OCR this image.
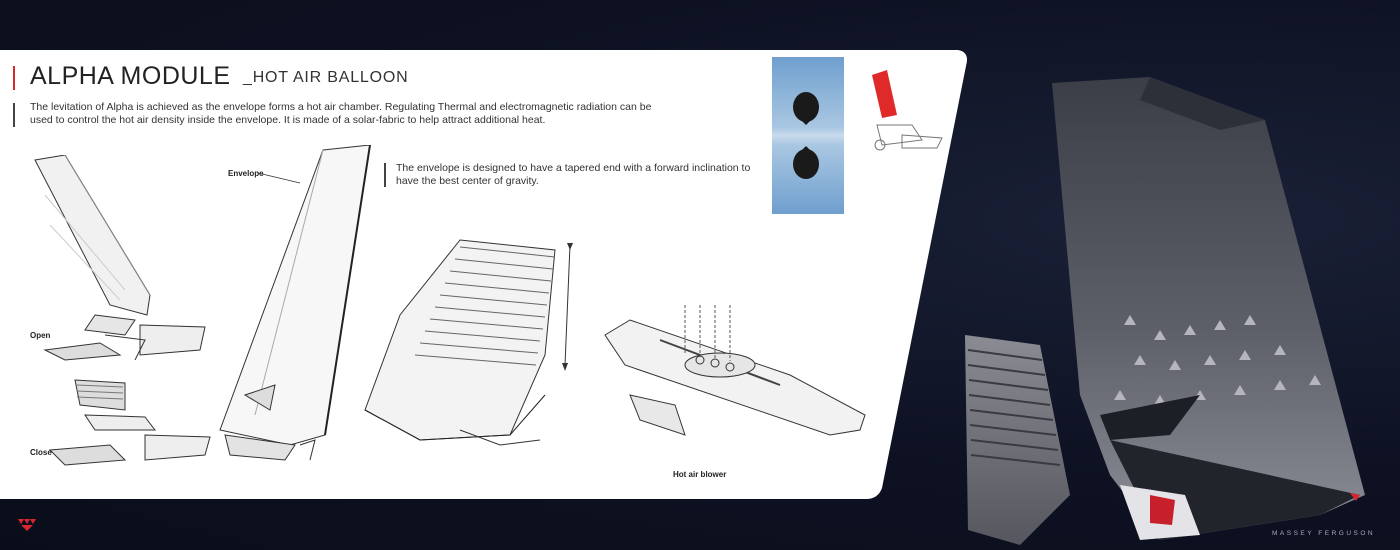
ALPHA MODULE _HOT AIR BALLOON
The levitation of Alpha is achieved as the envelope forms a hot air chamber. Regulating Thermal and electromagnetic radiation can be used to control the hot air density inside the envelope. It is made of a solar-fabric to help attract additional heat.
The envelope is designed to have a tapered end with a forward inclination to have the best center of gravity.
Open
Close
Envelope
Hot air blower
MASSEY FERGUSON
